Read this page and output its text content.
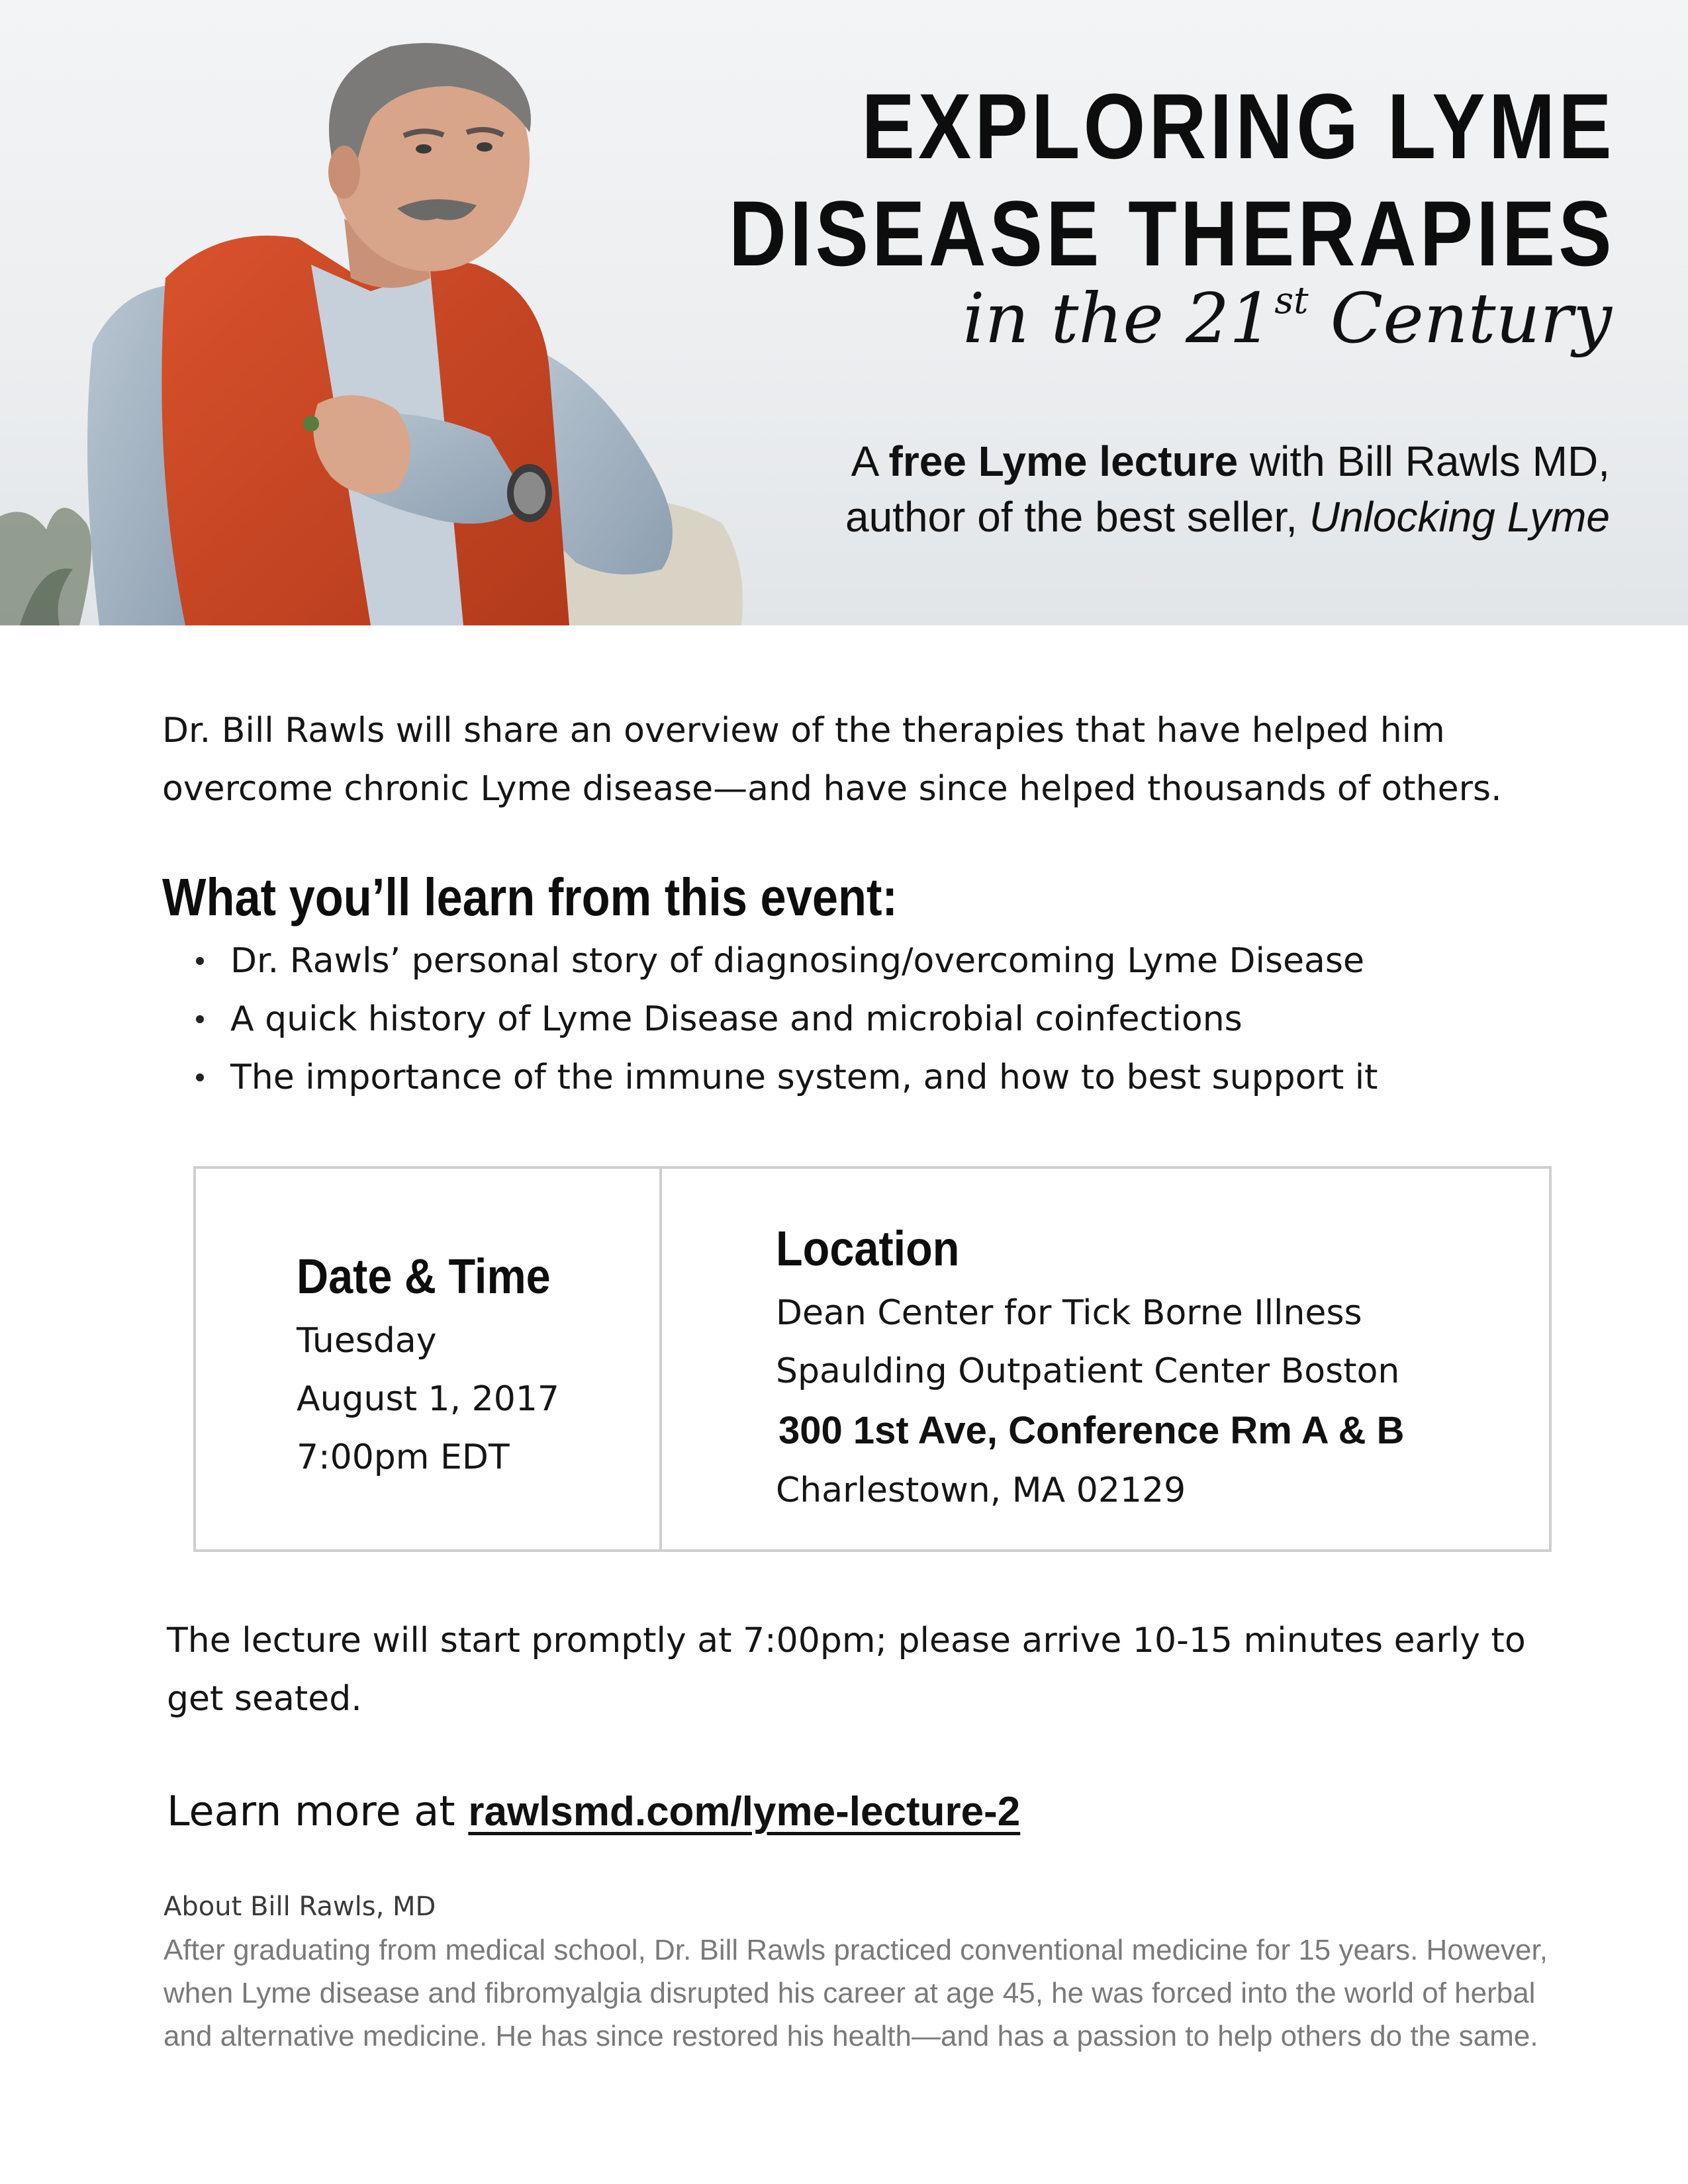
EXPLORING LYME
DISEASE THERAPIES
in the 21st Century
A free Lyme lecture with Bill Rawls MD,
author of the best seller, Unlocking Lyme
Dr. Bill Rawls will share an overview of the therapies that have helped him overcome chronic Lyme disease—and have since helped thousands of others.
What you’ll learn from this event:
Dr. Rawls’ personal story of diagnosing/overcoming Lyme Disease
A quick history of Lyme Disease and microbial coinfections
The importance of the immune system, and how to best support it
Date & Time
Tuesday
August 1, 2017
7:00pm EDT
Location
Dean Center for Tick Borne Illness
Spaulding Outpatient Center Boston
300 1st Ave, Conference Rm A & B
Charlestown, MA 02129
The lecture will start promptly at 7:00pm; please arrive 10-15 minutes early to get seated.
Learn more at rawlsmd.com/lyme-lecture-2
About Bill Rawls, MD
After graduating from medical school, Dr. Bill Rawls practiced conventional medicine for 15 years. However, when Lyme disease and fibromyalgia disrupted his career at age 45, he was forced into the world of herbal and alternative medicine. He has since restored his health—and has a passion to help others do the same.
